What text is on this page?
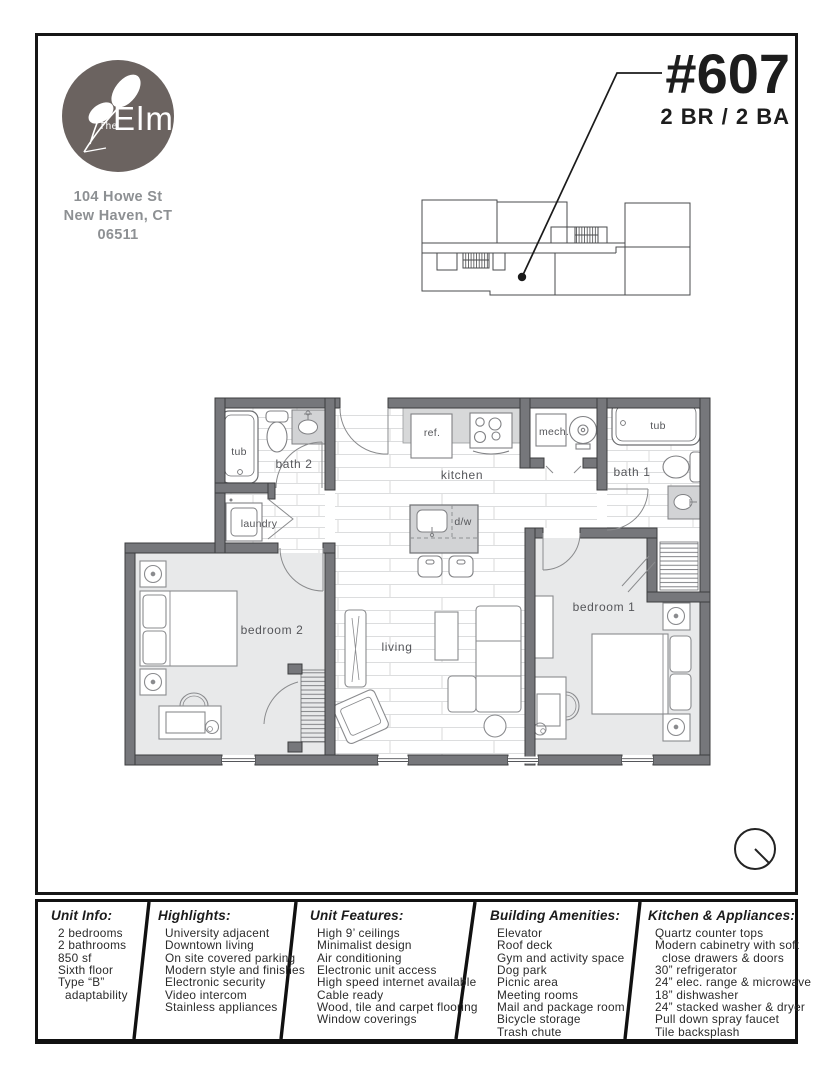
The
Elm
104 Howe St
New Haven, CT
06511
#607
2 BR / 2 BA
tub
bath 2
laundry
kitchen
ref.
d/w
mech.
bath 1
tub
bedroom 2
living
bedroom 1
Unit Info:
2 bedrooms
2 bathrooms
850 sf
Sixth floor
Type “B”
adaptability
Highlights:
University adjacent
Downtown living
On site covered parking
Modern style and finishes
Electronic security
Video intercom
Stainless appliances
Unit Features:
High 9’ ceilings
Minimalist design
Air conditioning
Electronic unit access
High speed internet available
Cable ready
Wood, tile and carpet flooring
Window coverings
Building Amenities:
Elevator
Roof deck
Gym and activity space
Dog park
Picnic area
Meeting rooms
Mail and package room
Bicycle storage
Trash chute
Kitchen & Appliances:
Quartz counter tops
Modern cabinetry with soft
close drawers & doors
30” refrigerator
24” elec. range & microwave
18” dishwasher
24” stacked washer & dryer
Pull down spray faucet
Tile backsplash
